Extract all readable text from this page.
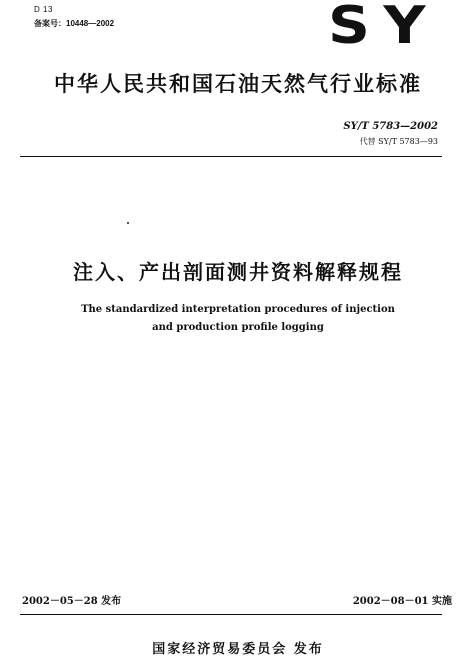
D 13
备案号：10448—2002	SY
中华人民共和国石油天然气行业标准
SY/T 5783—2002
代替 SY/T 5783—93
注入、产出剖面测井资料解释规程
The standardized interpretation procedures of injection
and production profile logging
2002－05－28 发布	2002－08－01 实施
国家经济贸易委员会 发布
